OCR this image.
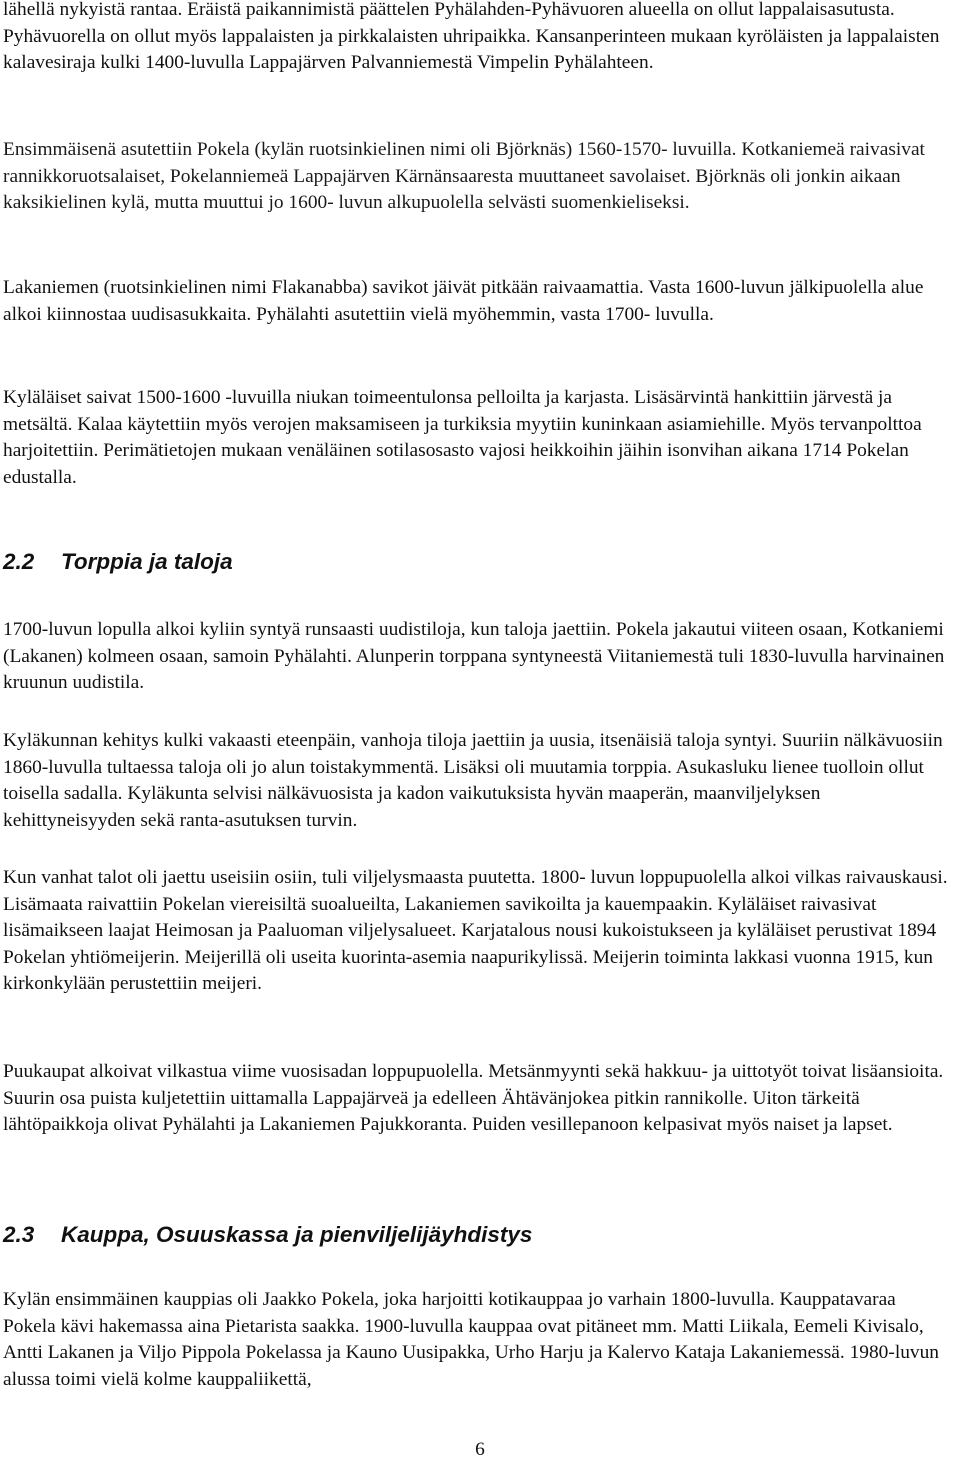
lähellä nykyistä rantaa. Eräistä paikannimistä päättelen Pyhälahden-Pyhävuoren alueella on ollut lappalaisasutusta. Pyhävuorella on ollut myös lappalaisten ja pirkkalaisten uhripaikka. Kansanperinteen mukaan kyröläisten ja lappalaisten kalavesiraja kulki 1400-luvulla Lappajärven Palvanniemestä Vimpelin Pyhälahteen.

Ensimmäisenä asutettiin Pokela (kylän ruotsinkielinen nimi oli Björknäs) 1560-1570- luvuilla. Kotkaniemeä raivasivat rannikkoruotsalaiset, Pokelanniemeä Lappajärven Kärnänsaaresta muuttaneet savolaiset. Björknäs oli jonkin aikaan kaksikielinen kylä, mutta muuttui jo 1600- luvun alkupuolella selvästi suomenkieliseksi.

Lakaniemen (ruotsinkielinen nimi Flakanabba) savikot jäivät pitkään raivaamattia. Vasta 1600-luvun jälkipuolella alue alkoi kiinnostaa uudisasukkaita. Pyhälahti asutettiin vielä myöhemmin, vasta 1700- luvulla.

Kyläläiset saivat 1500-1600 -luvuilla niukan toimeentulonsa pelloilta ja karjasta. Lisäsärvintä hankittiin järvestä ja metsältä. Kalaa käytettiin myös verojen maksamiseen ja turkiksia myytiin kuninkaan asiamiehille. Myös tervanpolttoa harjoitettiin. Perimätietojen mukaan venäläinen sotilasosasto vajosi heikkoihin jäihin isonvihan aikana 1714 Pokelan edustalla.

2.2 Torppia ja taloja

1700-luvun lopulla alkoi kyliin syntyä runsaasti uudistiloja, kun taloja jaettiin. Pokela jakautui viiteen osaan, Kotkaniemi (Lakanen) kolmeen osaan, samoin Pyhälahti. Alunperin torppana syntyneestä Viitaniemestä tuli 1830-luvulla harvinainen kruunun uudistila.

Kyläkunnan kehitys kulki vakaasti eteenpäin, vanhoja tiloja jaettiin ja uusia, itsenäisiä taloja syntyi. Suuriin nälkävuosiin 1860-luvulla tultaessa taloja oli jo alun toistakymmentä. Lisäksi oli muutamia torppia. Asukasluku lienee tuolloin ollut toisella sadalla. Kyläkunta selvisi nälkävuosista ja kadon vaikutuksista hyvän maaperän, maanviljelyksen kehittyneisyyden sekä ranta-asutuksen turvin.

Kun vanhat talot oli jaettu useisiin osiin, tuli viljelysmaasta puutetta. 1800- luvun loppupuolella alkoi vilkas raivauskausi. Lisämaata raivattiin Pokelan viereisiltä suoalueilta, Lakaniemen savikoilta ja kauempaakin. Kyläläiset raivasivat lisämaikseen laajat Heimosan ja Paaluoman viljelysalueet. Karjatalous nousi kukoistukseen ja kyläläiset perustivat 1894 Pokelan yhtiömeijerin. Meijerillä oli useita kuorinta-asemia naapurikylissä. Meijerin toiminta lakkasi vuonna 1915, kun kirkonkylään perustettiin meijeri.

Puukaupat alkoivat vilkastua viime vuosisadan loppupuolella. Metsänmyynti sekä hakkuu- ja uittotyöt toivat lisäansioita. Suurin osa puista kuljetettiin uittamalla Lappajärveä ja edelleen Ähtävänjokea pitkin rannikolle. Uiton tärkeitä lähtöpaikkoja olivat Pyhälahti ja Lakaniemen Pajukkoranta. Puiden vesillepanoon kelpasivat myös naiset ja lapset.

2.3 Kauppa, Osuuskassa ja pienviljelijäyhdistys

Kylän ensimmäinen kauppias oli Jaakko Pokela, joka harjoitti kotikauppaa jo varhain 1800-luvulla. Kauppatavaraa Pokela kävi hakemassa aina Pietarista saakka. 1900-luvulla kauppaa ovat pitäneet mm. Matti Liikala, Eemeli Kivisalo, Antti Lakanen ja Viljo Pippola Pokelassa ja Kauno Uusipakka, Urho Harju ja Kalervo Kataja Lakaniemessä. 1980-luvun alussa toimi vielä kolme kauppaliikettä,

6
